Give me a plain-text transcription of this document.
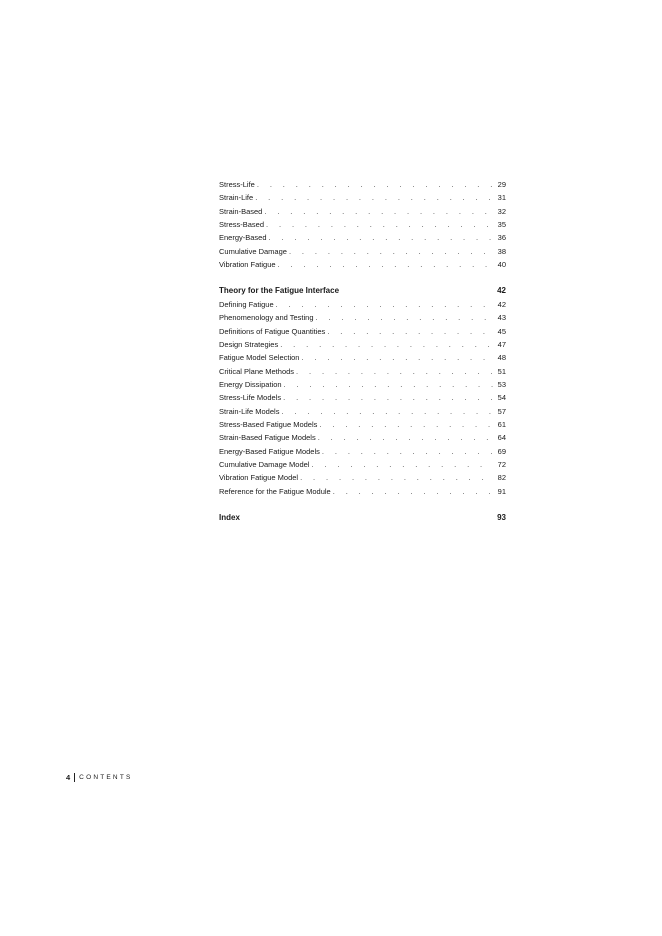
Stress-Life . . .	29
Strain-Life . . .	31
Strain-Based . . .	32
Stress-Based . . .	35
Energy-Based . . .	36
Cumulative Damage . . .	38
Vibration Fatigue . . .	40
Theory for the Fatigue Interface	42
Defining Fatigue . . .	42
Phenomenology and Testing . . .	43
Definitions of Fatigue Quantities . . .	45
Design Strategies . . .	47
Fatigue Model Selection . . .	48
Critical Plane Methods . . .	51
Energy Dissipation . . .	53
Stress-Life Models . . .	54
Strain-Life Models . . .	57
Stress-Based Fatigue Models . . .	61
Strain-Based Fatigue Models . . .	64
Energy-Based Fatigue Models . . .	69
Cumulative Damage Model . . .	72
Vibration Fatigue Model . . .	82
Reference for the Fatigue Module . . .	91
Index	93
4 CONTENTS
